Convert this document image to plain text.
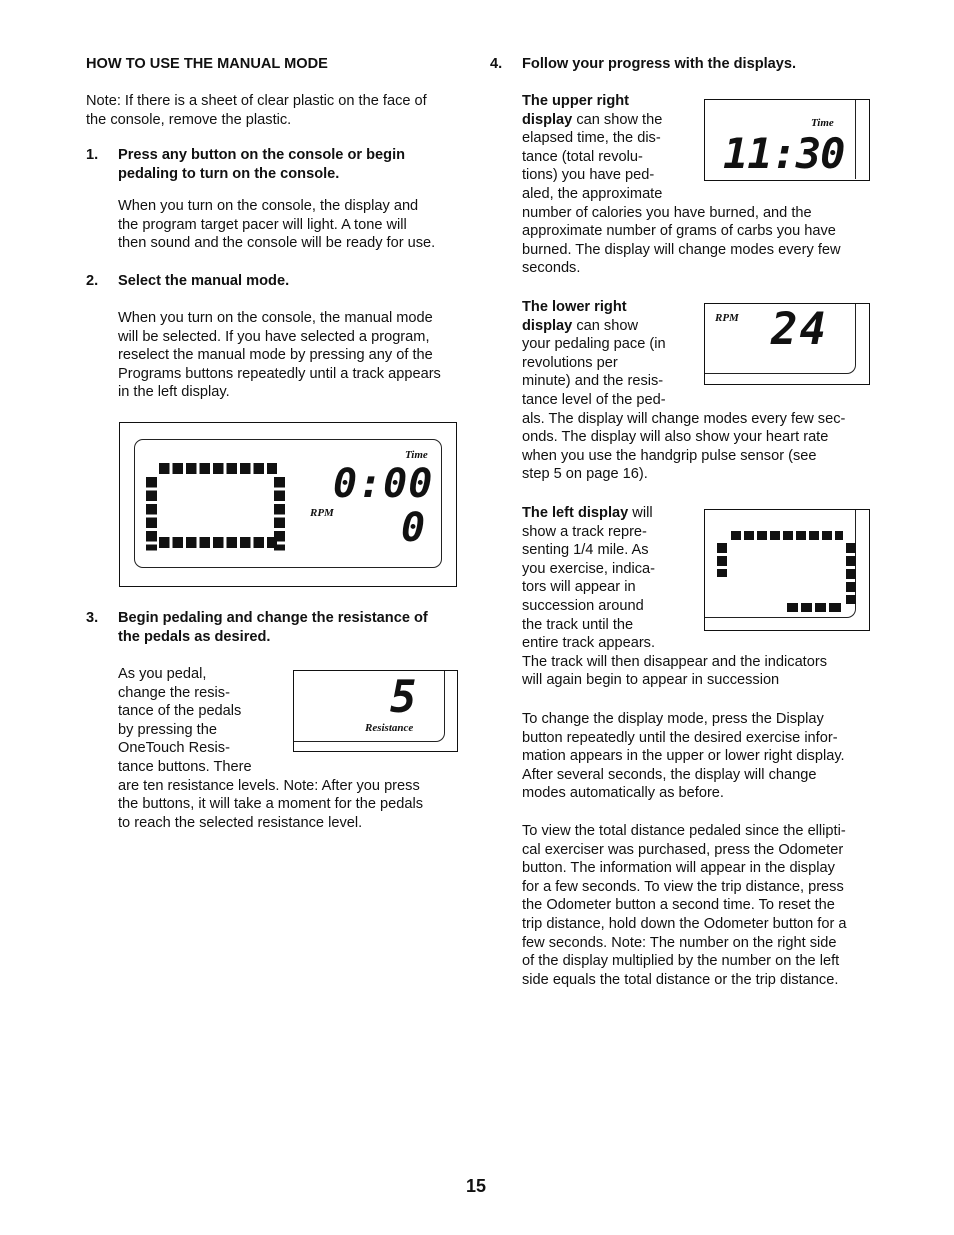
HOW TO USE THE MANUAL MODE
Note: If there is a sheet of clear plastic on the face of
the console, remove the plastic.
1. Press any button on the console or begin
pedaling to turn on the console.
When you turn on the console, the display and
the program target pacer will light. A tone will
then sound and the console will be ready for use.
2. Select the manual mode.
When you turn on the console, the manual mode
will be selected. If you have selected a program,
reselect the manual mode by pressing any of the
Programs buttons repeatedly until a track appears
in the left display.
Time
0:00
RPM 0
3. Begin pedaling and change the resistance of
the pedals as desired.
As you pedal,
change the resis-
tance of the pedals
by pressing the
OneTouch Resis-
tance buttons. There
are ten resistance levels. Note: After you press
the buttons, it will take a moment for the pedals
to reach the selected resistance level.
5
Resistance
4. Follow your progress with the displays.
The upper right
display can show the
elapsed time, the dis-
tance (total revolu-
tions) you have ped-
aled, the approximate
number of calories you have burned, and the
approximate number of grams of carbs you have
burned. The display will change modes every few
seconds.
Time
11:30
The lower right
display can show
your pedaling pace (in
revolutions per
minute) and the resis-
tance level of the ped-
als. The display will change modes every few sec-
onds. The display will also show your heart rate
when you use the handgrip pulse sensor (see
step 5 on page 16).
RPM 24
The left display will
show a track repre-
senting 1/4 mile. As
you exercise, indica-
tors will appear in
succession around
the track until the
entire track appears.
The track will then disappear and the indicators
will again begin to appear in succession
To change the display mode, press the Display
button repeatedly until the desired exercise infor-
mation appears in the upper or lower right display.
After several seconds, the display will change
modes automatically as before.
To view the total distance pedaled since the ellipti-
cal exerciser was purchased, press the Odometer
button. The information will appear in the display
for a few seconds. To view the trip distance, press
the Odometer button a second time. To reset the
trip distance, hold down the Odometer button for a
few seconds. Note: The number on the right side
of the display multiplied by the number on the left
side equals the total distance or the trip distance.
15
